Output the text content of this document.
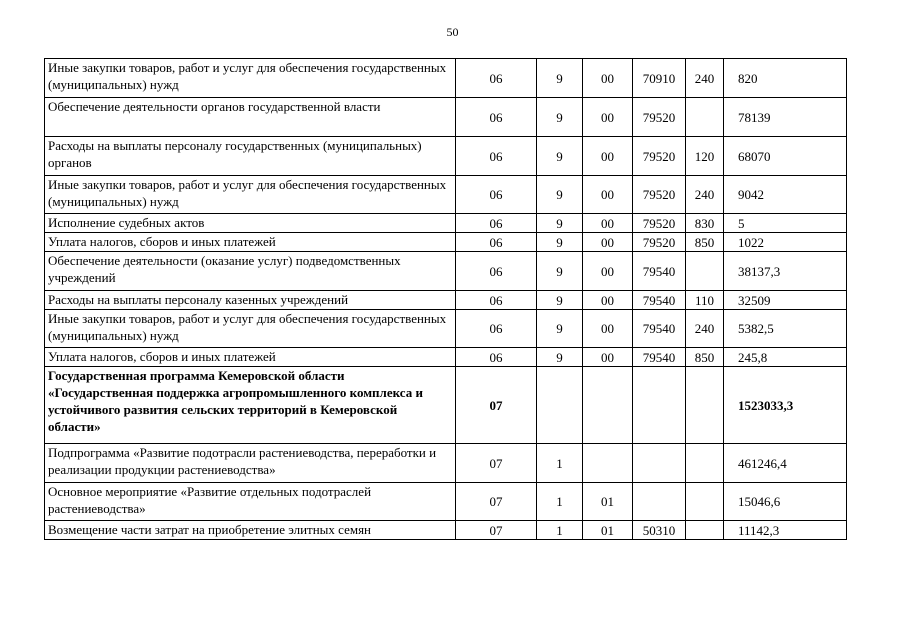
50
Иные закупки товаров, работ и услуг для обеспечения государственных (муниципальных) нужд	06	9	00	70910	240	820
Обеспечение деятельности органов государственной власти	06	9	00	79520		78139
Расходы на выплаты персоналу государственных (муниципальных) органов	06	9	00	79520	120	68070
Иные закупки товаров, работ и услуг для обеспечения государственных (муниципальных) нужд	06	9	00	79520	240	9042
Исполнение судебных актов	06	9	00	79520	830	5
Уплата налогов, сборов и иных платежей	06	9	00	79520	850	1022
Обеспечение деятельности (оказание услуг) подведомственных учреждений	06	9	00	79540		38137,3
Расходы на выплаты персоналу казенных учреждений	06	9	00	79540	110	32509
Иные закупки товаров, работ и услуг для обеспечения государственных (муниципальных) нужд	06	9	00	79540	240	5382,5
Уплата налогов, сборов и иных платежей	06	9	00	79540	850	245,8
Государственная программа Кемеровской области «Государственная поддержка агропромышленного комплекса и устойчивого развития сельских территорий в Кемеровской области»	07					1523033,3
Подпрограмма «Развитие подотрасли растениеводства, переработки и реализации продукции растениеводства»	07	1				461246,4
Основное мероприятие «Развитие отдельных подотраслей растениеводства»	07	1	01			15046,6
Возмещение части затрат на приобретение элитных семян	07	1	01	50310		11142,3
